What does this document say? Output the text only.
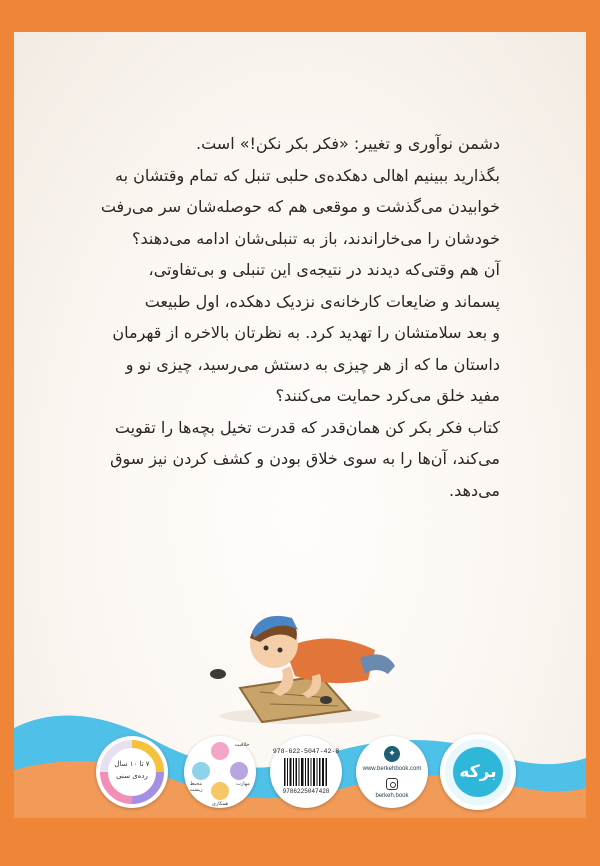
دشمن نوآوری و تغییر: «فکر بکر نکن!» است.

بگذارید ببینیم اهالی دهکده‌ی حلبی تنبل که تمام وقتشان به

خوابیدن می‌گذشت و موقعی هم که حوصله‌شان سر می‌رفت

خودشان را می‌خاراندند، باز به تنبلی‌شان ادامه می‌دهند؟

آن هم وقتی‌که دیدند در نتیجه‌ی این تنبلی و بی‌تفاوتی،

پسماند و ضایعات کارخانه‌ی نزدیک دهکده، اول طبیعت

و بعد سلامتشان را تهدید کرد. به نظرتان بالاخره از قهرمان

داستان ما که از هر چیزی به دستش می‌رسید، چیزی نو و

مفید خلق می‌کرد حمایت می‌کنند؟

کتاب فکر بکر کن همان‌قدر که قدرت تخیل بچه‌ها را تقویت

می‌کند، آن‌ها را به سوی خلاق بودن و کشف کردن نیز سوق

می‌دهد.

برکه
✦
www.berkehbook.com
berkeh.book
978-622-5047-42-8
9786225047428
خلاقیت
محیط زیست
مهارت
همکاری
۷ تا ۱۰ سال
رده‌ی سنی
